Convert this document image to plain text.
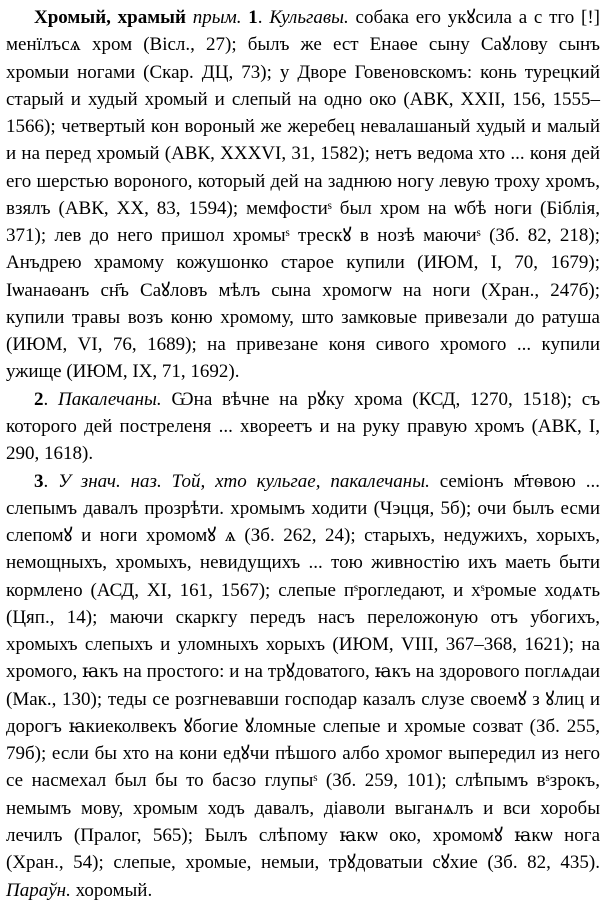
Хромый, храмый прым. 1. Кульгавы. собака его укꙋсила а с тго [!] менїлъсѧ хром (Вісл., 27); былъ же ест Енаѳе сыну Саꙋлову сынъ хромыи ногами (Скар. ДЦ, 73); у Дворе Говеновскомъ: конь турецкий старый и худый хромый и слепый на одно око (АВК, XXII, 156, 1555–1566); четвертый кон вороный же жеребец невалашаный худый и малый и на перед хромый (АВК, XXXVI, 31, 1582); нетъ ведома хто ... коня дей его шерстью вороного, который дей на заднюю ногу левую троху хромъ, взялъ (АВК, XX, 83, 1594); мемфостиˢ был хром на ѡбѣ ноги (Біблія, 371); лев до него пришол хромыˢ трескꙋ в нозѣ маючиˢ (Зб. 82, 218); Анъдрею храмому кожушонко старое купили (ИЮМ, I, 70, 1679); Iѡанаѳанъ сн҃ъ Саꙋловъ мѣлъ сына хромогѡ на ноги (Хран., 247б); купили травы возъ коню хромому, што замковые привезали до ратуша (ИЮМ, VI, 76, 1689); на привезане коня сивого хромого ... купили ужище (ИЮМ, IX, 71, 1692).

2. Пакалечаны. Ѡна вѣчне на рꙋку хрома (КСД, 1270, 1518); съ которого дей постреленя ... хвореетъ и на руку правую хромъ (АВК, I, 290, 1618).

3. У знач. наз. Той, хто кульгае, пакалечаны. семіонъ м҃тѳвою ... слепымъ давалъ прозрѣти. хромымъ ходити (Чэцця, 5б); очи былъ есми слепомꙋ и ноги хромомꙋ ѧ (Зб. 262, 24); старыхъ, недужихъ, хорыхъ, немощныхъ, хромыхъ, невидущихъ ... тою живностію ихъ маеть быти кормлено (АСД, XI, 161, 1567); слепые пˢрогледают, и хˢромые ходѧть (Цяп., 14); маючи скаркгу передъ насъ переложоную отъ убогихъ, хромыхъ слепыхъ и уломныхъ хорыхъ (ИЮМ, VIII, 367–368, 1621); на хромого, ꙗкъ на простого: и на трꙋдоватого, ꙗкъ на здорового поглѧдаи (Мак., 130); теды се розгневавши господар казалъ слузе своемꙋ з ꙋлиц и дорогъ ꙗкиеколвекъ ꙋбогие ꙋломные слепые и хромые созват (Зб. 255, 79б); если бы хто на кони едꙋчи пѣшого албо хромог выпередил из него се насмехал был бы то басзо глупыˢ (Зб. 259, 101); слѣпымъ вˢзрокъ, немымъ мову, хромым ходъ давалъ, діаволи выганѧлъ и вси хоробы лечилъ (Пралог, 565); Былъ слѣпому ꙗкѡ око, хромомꙋ ꙗкѡ нога (Хран., 54); слепые, хромые, немыи, трꙋдоватыи сꙋхие (Зб. 82, 435). Параўн. хоромый.
